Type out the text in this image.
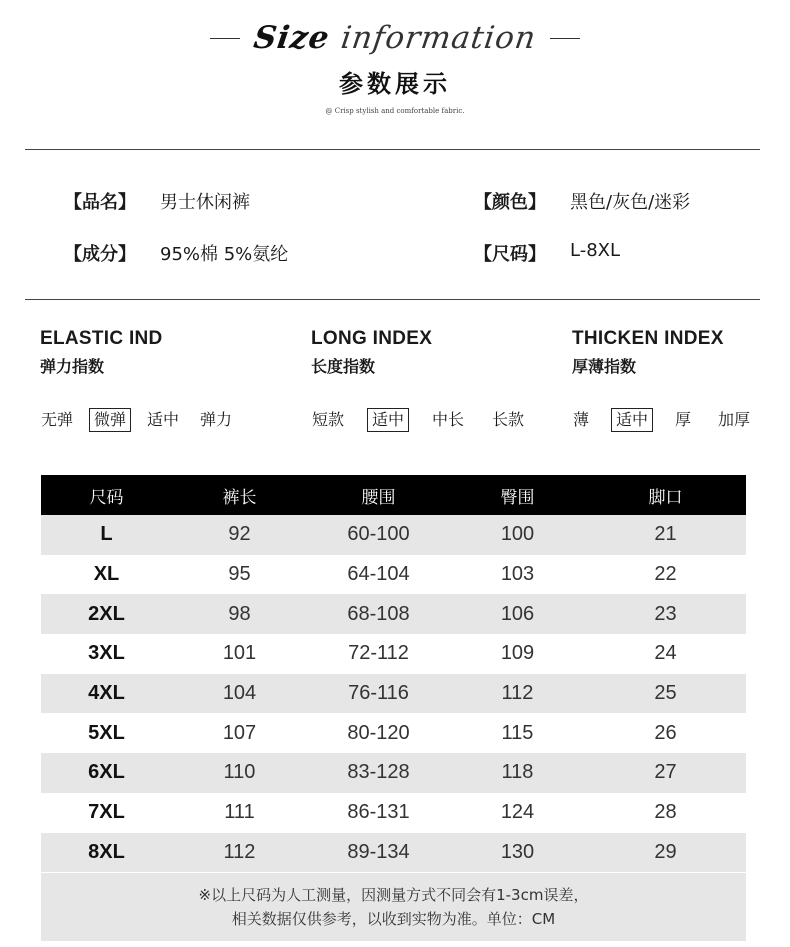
Size information
参数展示
@ Crisp stylish and comfortable fabric.
【品名】 男士休闲裤	【颜色】 黑色/灰色/迷彩
【成分】 95%棉 5%氨纶	【尺码】 L-8XL
ELASTIC IND
弹力指数
LONG INDEX
长度指数
THICKEN INDEX
厚薄指数
无弹	微弹	适中	弹力	短款	适中	中长	长款	薄	适中	厚	加厚
尺码	裤长	腰围	臀围	脚口
L	92	60-100	100	21
XL	95	64-104	103	22
2XL	98	68-108	106	23
3XL	101	72-112	109	24
4XL	104	76-116	112	25
5XL	107	80-120	115	26
6XL	110	83-128	118	27
7XL	111	86-131	124	28
8XL	112	89-134	130	29
※以上尺码为人工测量，因测量方式不同会有1-3cm误差，
相关数据仅供参考，以收到实物为准。单位：CM
